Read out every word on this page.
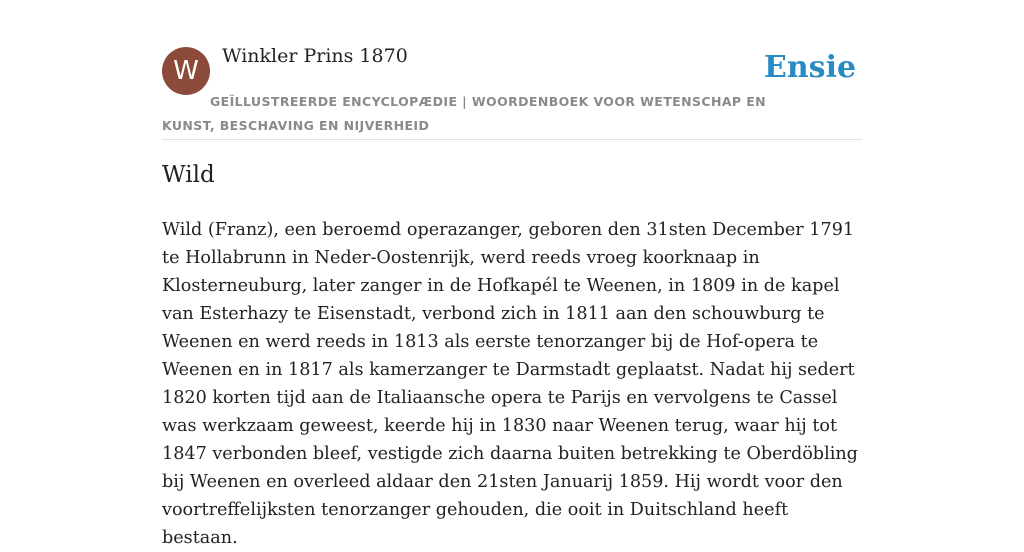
W	Winkler Prins 1870	Ensie
GEÏLLUSTREERDE ENCYCLOPÆDIE | WOORDENBOEK VOOR WETENSCHAP EN KUNST, BESCHAVING EN NIJVERHEID
Wild

Wild (Franz), een beroemd operazanger, geboren den 31sten December 1791 te Hollabrunn in Neder-Oostenrijk, werd reeds vroeg koorknaap in Klosterneuburg, later zanger in de Hofkapél te Weenen, in 1809 in de kapel van Esterhazy te Eisenstadt, verbond zich in 1811 aan den schouwburg te Weenen en werd reeds in 1813 als eerste tenorzanger bij de Hof-opera te Weenen en in 1817 als kamerzanger te Darmstadt geplaatst. Nadat hij sedert 1820 korten tijd aan de Italiaansche opera te Parijs en vervolgens te Cassel was werkzaam geweest, keerde hij in 1830 naar Weenen terug, waar hij tot 1847 verbonden bleef, vestigde zich daarna buiten betrekking te Oberdöbling bij Weenen en overleed aldaar den 21sten Januarij 1859. Hij wordt voor den voortreffelijksten tenorzanger gehouden, die ooit in Duitschland heeft bestaan.
